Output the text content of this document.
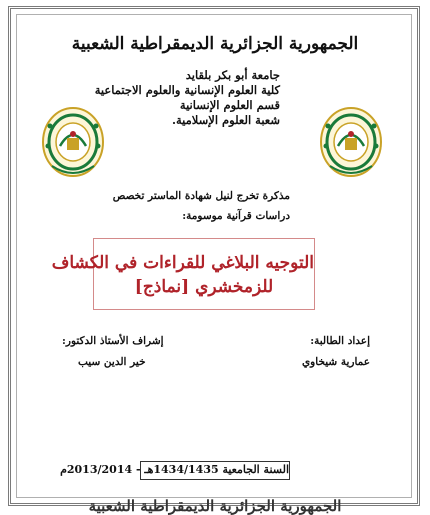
الجمهورية الجزائرية الديمقراطية الشعبية
جامعة أبو بكر بلقايد
كلية العلوم الإنسانية والعلوم الاجتماعية
قسم العلوم الإنسانية
شعبة العلوم الإسلامية.
مذكرة تخرج لنيل شهادة الماستر تخصص
دراسات قرآنية موسومة:
التوجيه البلاغي للقراءات في الكشاف
للزمخشري [نماذج]
إعداد الطالبة:
عمارية شيخاوي
إشراف الأستاذ الدكتور:
خير الدين سيب
السنة الجامعية 1434/1435هـ - 2013/2014م
الجمهورية الجزائرية الديمقراطية الشعبية
